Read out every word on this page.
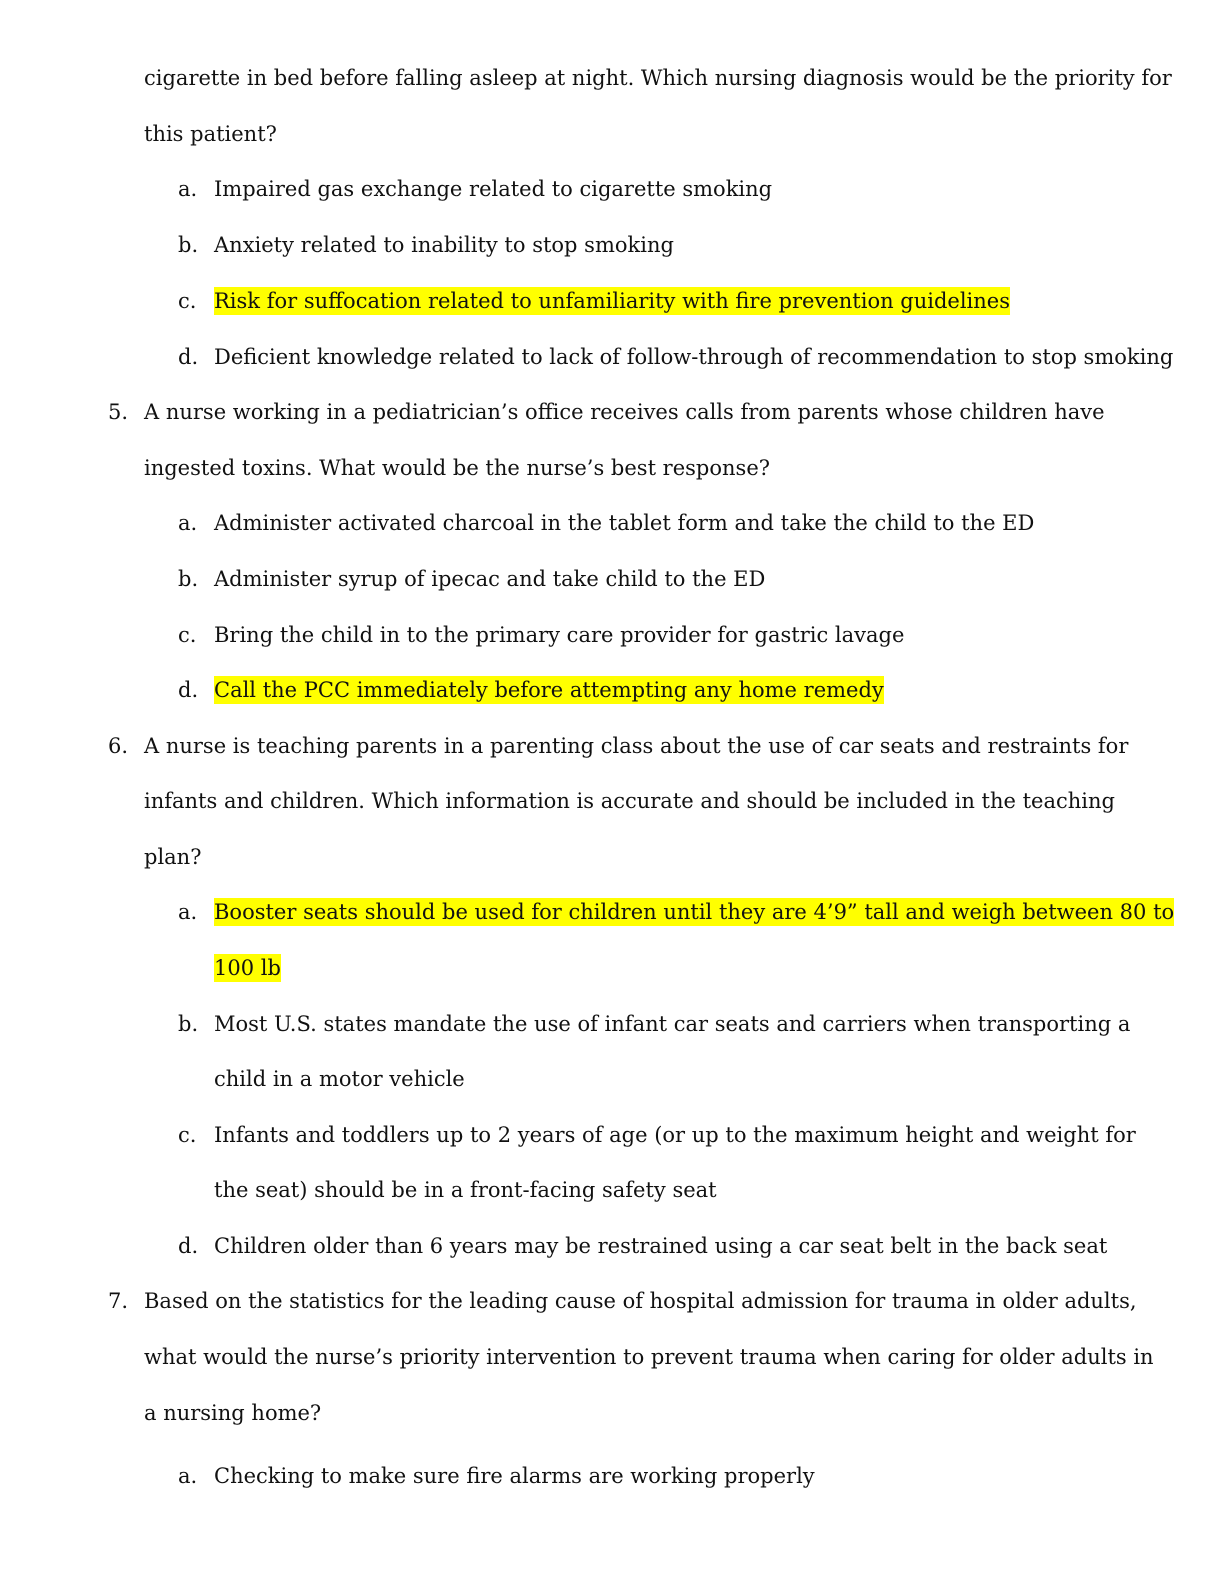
cigarette in bed before falling asleep at night. Which nursing diagnosis would be the priority for
this patient?
a. Impaired gas exchange related to cigarette smoking
b. Anxiety related to inability to stop smoking
c. Risk for suffocation related to unfamiliarity with fire prevention guidelines
d. Deficient knowledge related to lack of follow-through of recommendation to stop smoking
5. A nurse working in a pediatrician’s office receives calls from parents whose children have
ingested toxins. What would be the nurse’s best response?
a. Administer activated charcoal in the tablet form and take the child to the ED
b. Administer syrup of ipecac and take child to the ED
c. Bring the child in to the primary care provider for gastric lavage
d. Call the PCC immediately before attempting any home remedy
6. A nurse is teaching parents in a parenting class about the use of car seats and restraints for
infants and children. Which information is accurate and should be included in the teaching
plan?
a. Booster seats should be used for children until they are 4’9” tall and weigh between 80 to
100 lb
b. Most U.S. states mandate the use of infant car seats and carriers when transporting a
child in a motor vehicle
c. Infants and toddlers up to 2 years of age (or up to the maximum height and weight for
the seat) should be in a front-facing safety seat
d. Children older than 6 years may be restrained using a car seat belt in the back seat
7. Based on the statistics for the leading cause of hospital admission for trauma in older adults,
what would the nurse’s priority intervention to prevent trauma when caring for older adults in
a nursing home?
a. Checking to make sure fire alarms are working properly
